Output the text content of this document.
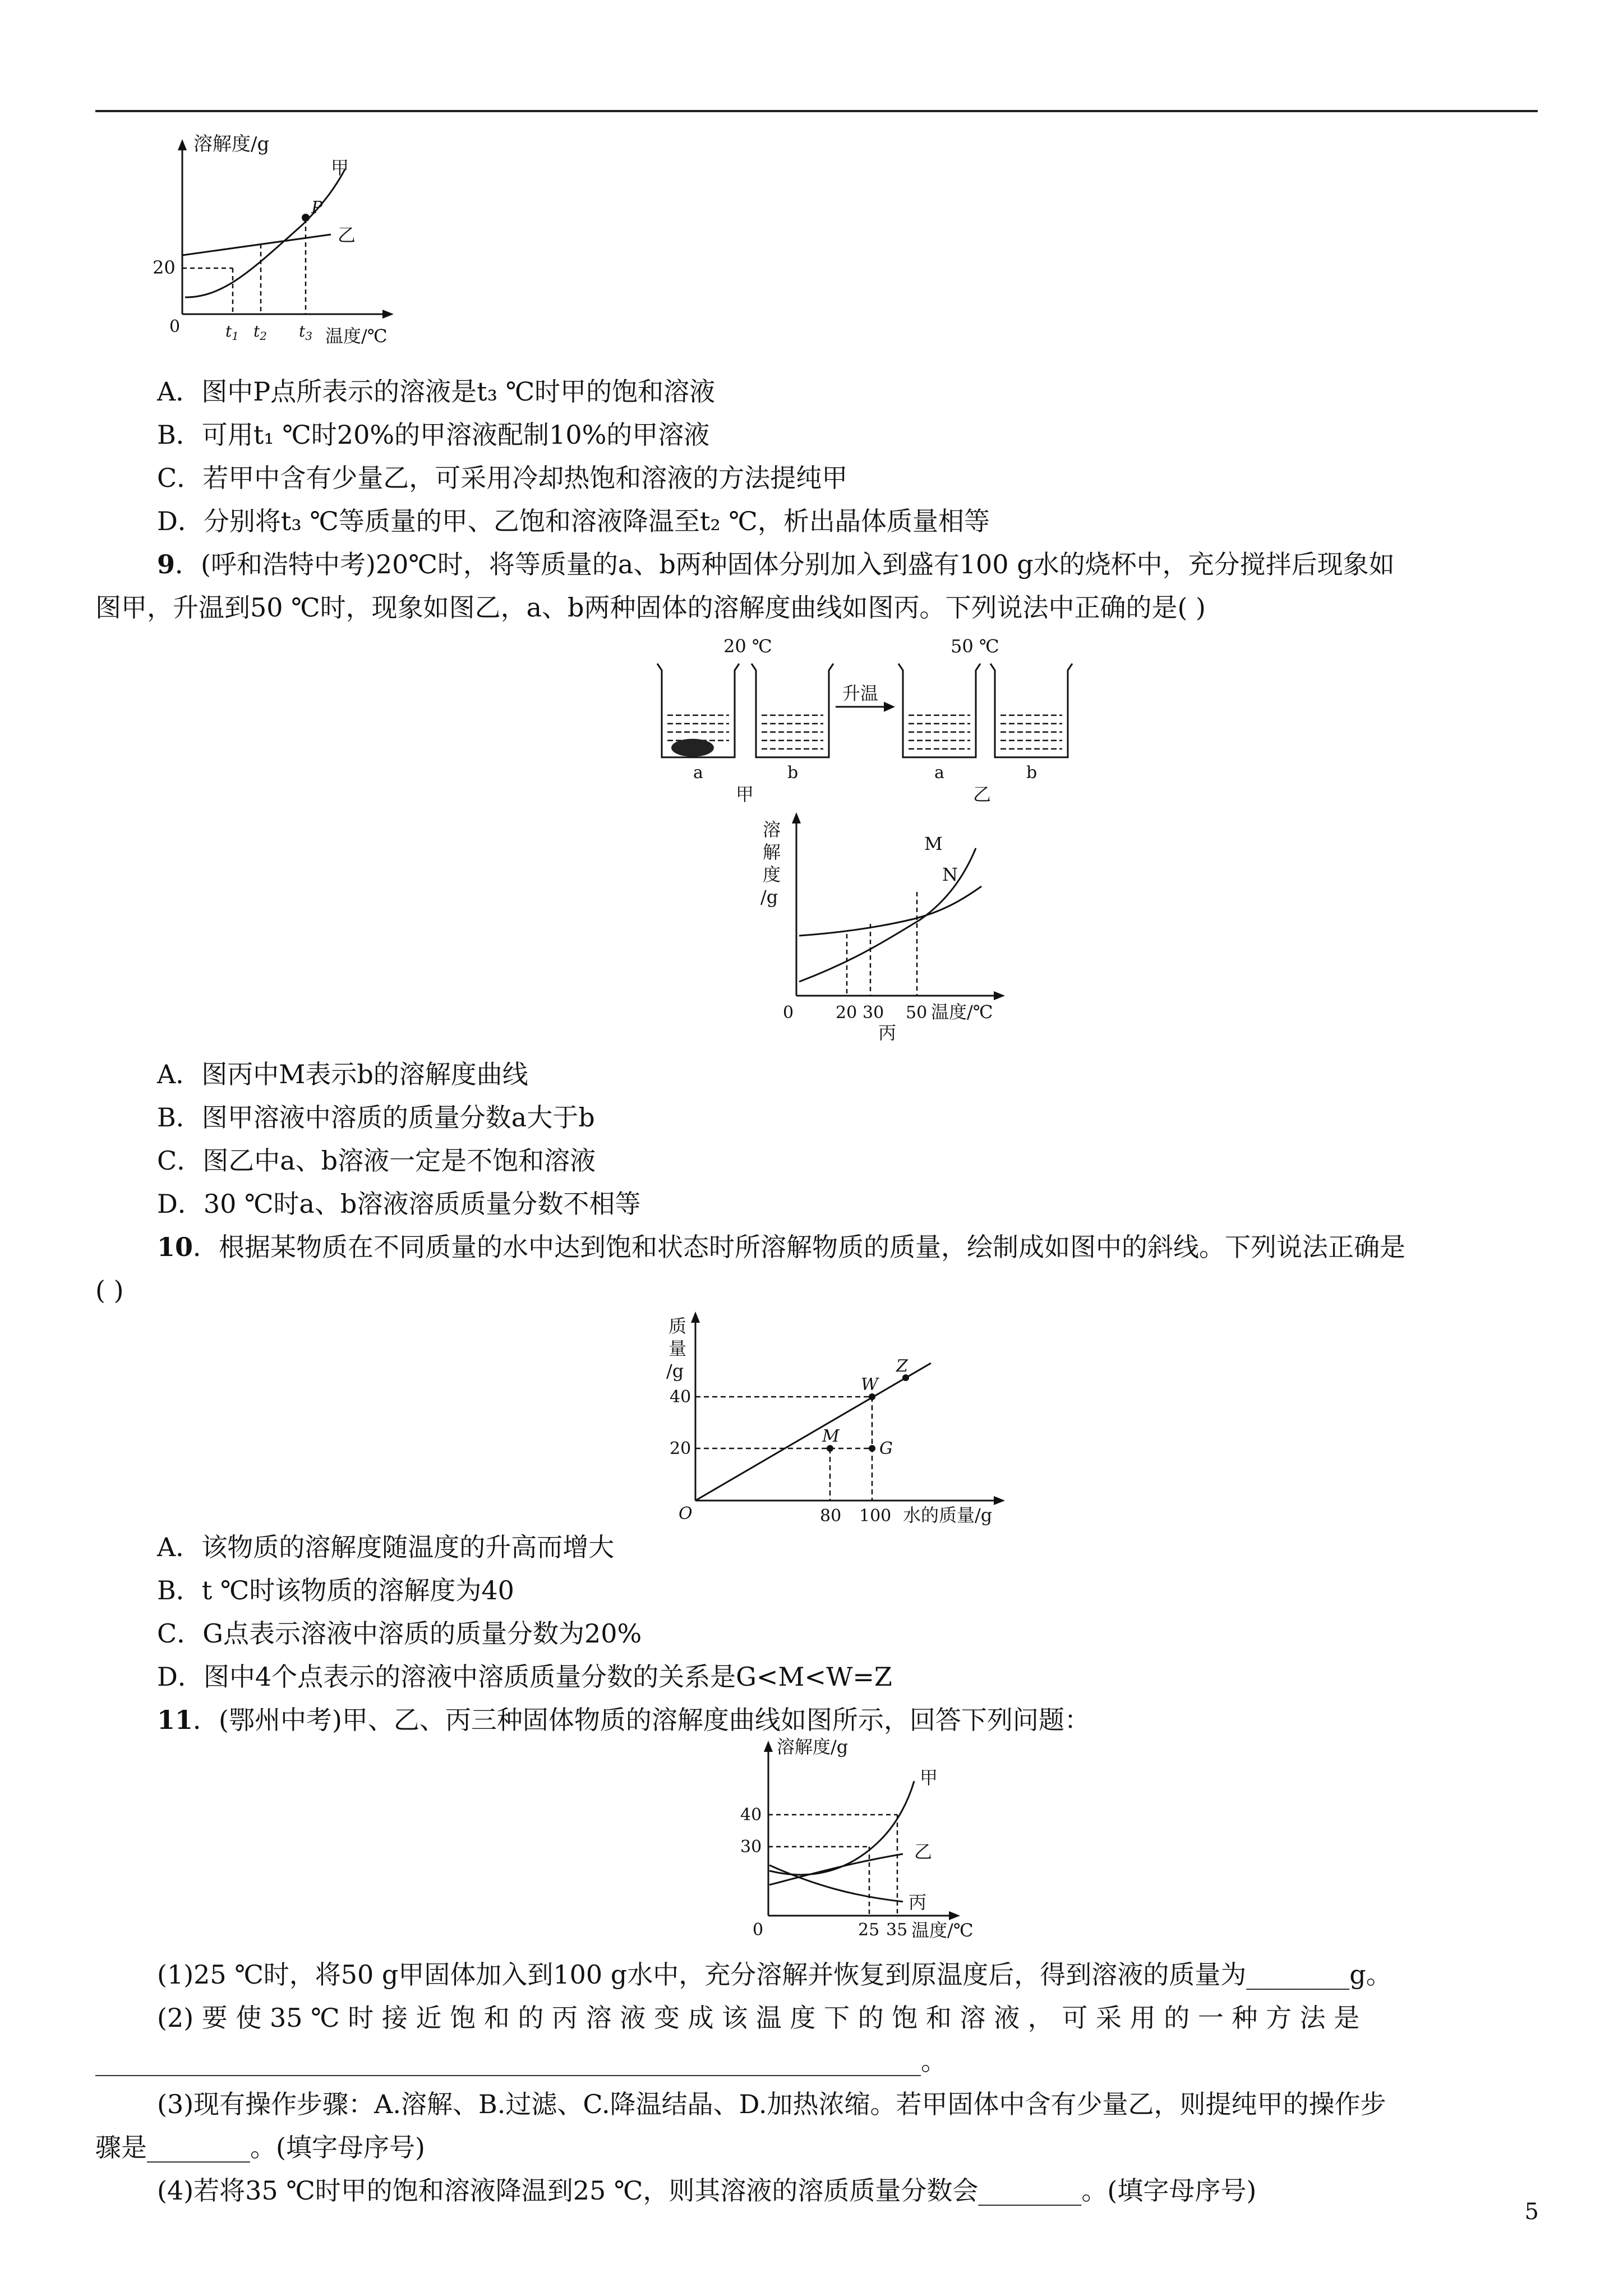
溶解度/g
0
20
P
甲
乙
$t_1$ $t_2$ $t_3$ 温度/℃
A．图中P点所表示的溶液是t₃ ℃时甲的饱和溶液
B．可用t₁ ℃时20%的甲溶液配制10%的甲溶液
C．若甲中含有少量乙，可采用冷却热饱和溶液的方法提纯甲
D．分别将t₃ ℃等质量的甲、乙饱和溶液降温至t₂ ℃，析出晶体质量相等
9．(呼和浩特中考)20℃时，将等质量的a、b两种固体分别加入到盛有100 g水的烧杯中，充分搅拌后现象如
图甲，升温到50 ℃时，现象如图乙，a、b两种固体的溶解度曲线如图丙。下列说法中正确的是( )
20 ℃	50 ℃
升温
a	b	a	b
甲	乙
溶
解
度
/g
M
N
0 20 30 50 温度/℃
丙
A．图丙中M表示b的溶解度曲线
B．图甲溶液中溶质的质量分数a大于b
C．图乙中a、b溶液一定是不饱和溶液
D．30 ℃时a、b溶液溶质质量分数不相等
10．根据某物质在不同质量的水中达到饱和状态时所溶解物质的质量，绘制成如图中的斜线。下列说法正确是
( )
质
量
/g	Z
W
M
G
40
20
O	80 100 水的质量/g
A．该物质的溶解度随温度的升高而增大
B．t ℃时该物质的溶解度为40
C．G点表示溶液中溶质的质量分数为20%
D．图中4个点表示的溶液中溶质质量分数的关系是G<M<W=Z
11．(鄂州中考)甲、乙、丙三种固体物质的溶解度曲线如图所示，回答下列问题：
溶解度/g
甲
乙
丙
40
30
0	25 35 温度/℃
(1)25 ℃时，将50 g甲固体加入到100 g水中，充分溶解并恢复到原温度后，得到溶液的质量为________g。
(2) 要 使 35 ℃ 时 接 近 饱 和 的 丙 溶 液 变 成 该 温 度 下 的 饱 和 溶 液 ， 可 采 用 的 一 种 方 法 是
________________________________________________________________。
(3)现有操作步骤：A.溶解、B.过滤、C.降温结晶、D.加热浓缩。若甲固体中含有少量乙，则提纯甲的操作步
骤是________。(填字母序号)
(4)若将35 ℃时甲的饱和溶液降温到25 ℃，则其溶液的溶质质量分数会________。(填字母序号)
5
